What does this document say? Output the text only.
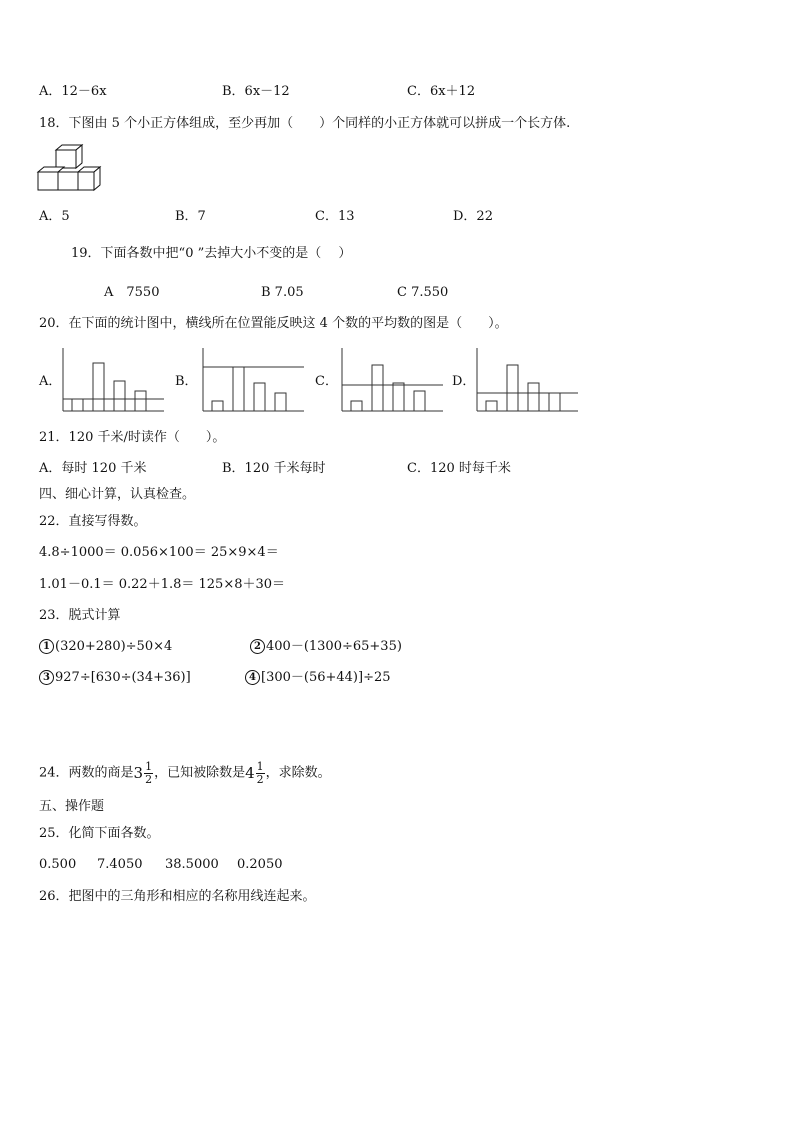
A．12－6x	B．6x－12	C．6x＋12
18．下图由 5 个小正方体组成，至少再加（　　）个同样的小正方体就可以拼成一个长方体.
A．5	B．7	C．13	D．22
19．下面各数中把“0 ”去掉大小不变的是（　 ）
A　7550	B 7.05	C 7.550
20．在下面的统计图中，横线所在位置能反映这 4 个数的平均数的图是（　　）。
A．	B．	C．	D．
21．120 千米/时读作（　　）。
A．每时 120 千米	B．120 千米每时	C．120 时每千米
四、细心计算，认真检查。
22．直接写得数。
4.8÷1000＝ 0.056×100＝ 25×9×4＝
1.01－0.1＝ 0.22＋1.8＝ 125×8＋30＝
23．脱式计算
1 (320+280)÷50×4	2 400－(1300÷65+35)
3 927÷[630÷(34+36)]	4 [300－(56+44)]÷25
24．两数的商是$3 \frac{1}{2}$ ，已知被除数是$4 \frac{1}{2}$ ，求除数。
五、操作题
25．化简下面各数。
0.500 7.4050 38.5000 0.2050
26．把图中的三角形和相应的名称用线连起来。
